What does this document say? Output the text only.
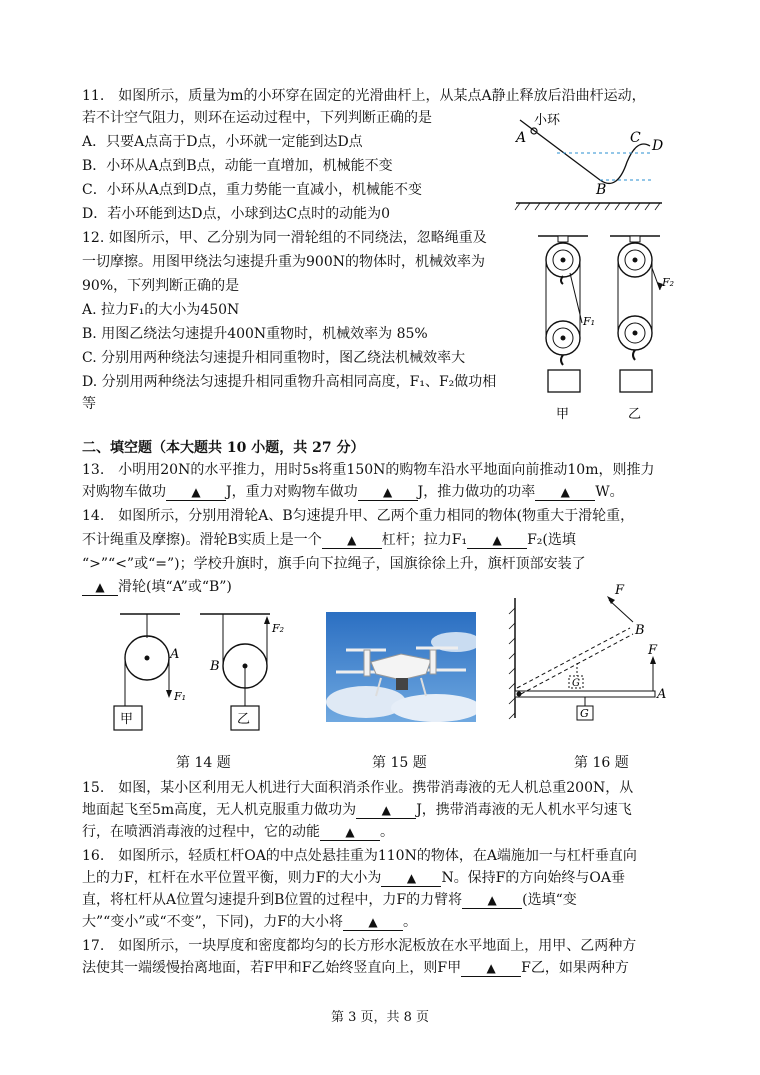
11.　如图所示，质量为m的小环穿在固定的光滑曲杆上，从某点A静止释放后沿曲杆运动，
若不计空气阻力，则环在运动过程中，下列判断正确的是
A．只要A点高于D点，小环就一定能到达D点
B．小环从A点到B点，动能一直增加，机械能不变
C．小环从A点到D点，重力势能一直减小，机械能不变
D．若小环能到达D点，小球到达C点时的动能为0
小环
A
B
C D
12. 如图所示，甲、乙分别为同一滑轮组的不同绕法，忽略绳重及
一切摩擦。用图甲绕法匀速提升重为900N的物体时，机械效率为
90%，下列判断正确的是
A. 拉力F₁的大小为450N
B. 用图乙绕法匀速提升400N重物时，机械效率为 85%
C. 分别用两种绕法匀速提升相同重物时，图乙绕法机械效率大
D. 分别用两种绕法匀速提升相同重物升高相同高度，F₁、F₂做功相
等
F₁
甲
F₂
乙
二、填空题（本大题共 10 小题，共 27 分）
13.　小明用20N的水平推力，用时5s将重150N的购物车沿水平地面向前推动10m，则推力
对购物车做功 ▲ J，重力对购物车做功 ▲ J，推力做功的功率 ▲ W。
14.　如图所示，分别用滑轮A、B匀速提升甲、乙两个重力相同的物体(物重大于滑轮重，
不计绳重及摩擦)。滑轮B实质上是一个 ▲ 杠杆；拉力F₁ ▲ F₂(选填
“>”“<”或“=”)；学校升旗时，旗手向下拉绳子，国旗徐徐上升，旗杆顶部安装了
▲ 滑轮(填“A”或“B”)
甲
A
F₁
乙
B
F₂
G
G
F
B
F
A
第 14 题	第 15 题	第 16 题
15.　如图，某小区利用无人机进行大面积消杀作业。携带消毒液的无人机总重200N，从
地面起飞至5m高度，无人机克服重力做功为 ▲ J，携带消毒液的无人机水平匀速飞
行，在喷洒消毒液的过程中，它的动能 ▲ 。
16.　如图所示，轻质杠杆OA的中点处悬挂重为110N的物体，在A端施加一与杠杆垂直向
上的力F，杠杆在水平位置平衡，则力F的大小为 ▲ N。保持F的方向始终与OA垂
直，将杠杆从A位置匀速提升到B位置的过程中，力F的力臂将 ▲ (选填“变
大”“变小”或“不变”，下同)，力F的大小将 ▲ 。
17.　如图所示，一块厚度和密度都均匀的长方形水泥板放在水平地面上，用甲、乙两种方
法使其一端缓慢抬离地面，若F甲和F乙始终竖直向上，则F甲 ▲ F乙，如果两种方
第 3 页，共 8 页
